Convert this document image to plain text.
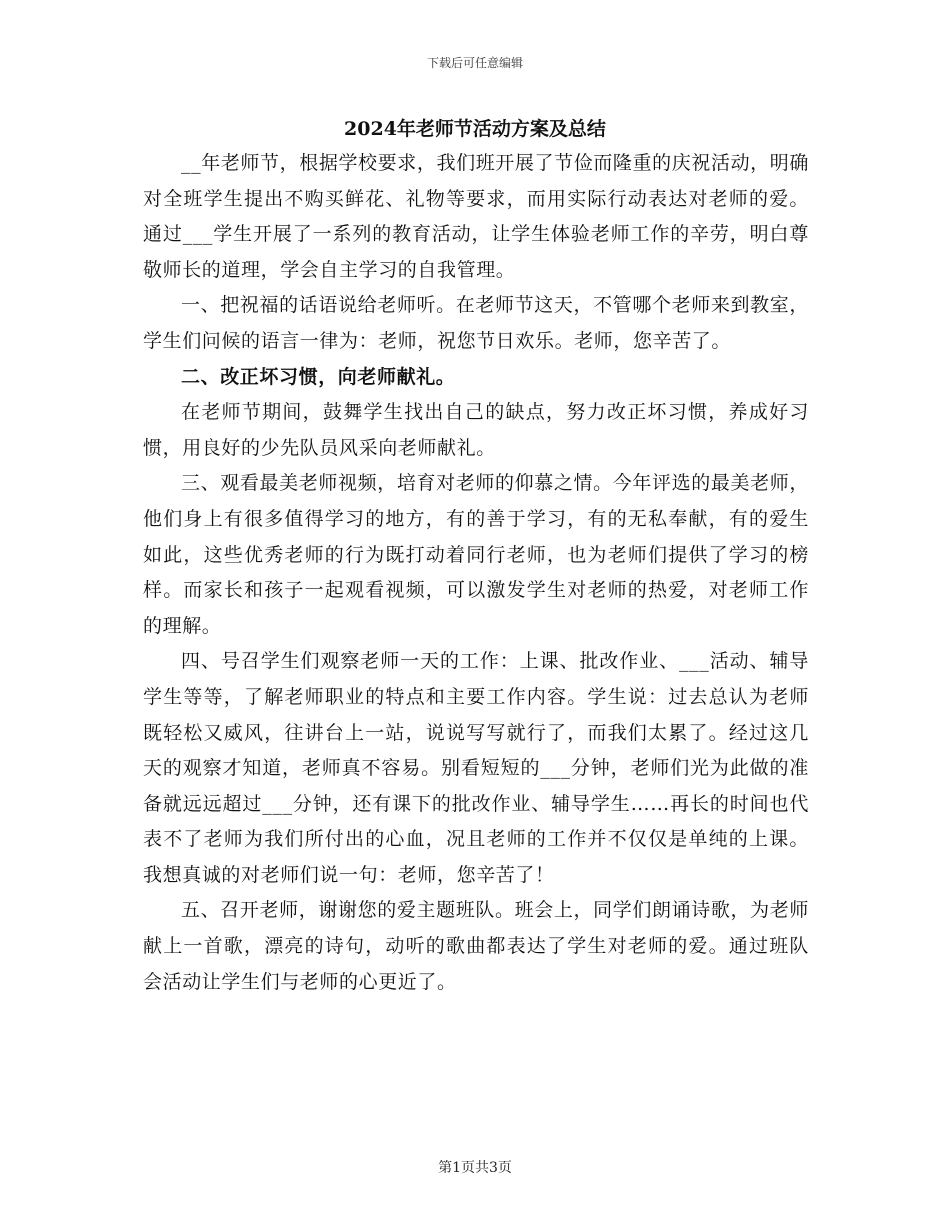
下载后可任意编辑
2024年老师节活动方案及总结

__年老师节，根据学校要求，我们班开展了节俭而隆重的庆祝活动，明确对全班学生提出不购买鲜花、礼物等要求，而用实际行动表达对老师的爱。通过___学生开展了一系列的教育活动，让学生体验老师工作的辛劳，明白尊敬师长的道理，学会自主学习的自我管理。

一、把祝福的话语说给老师听。在老师节这天，不管哪个老师来到教室，学生们问候的语言一律为：老师，祝您节日欢乐。老师，您辛苦了。

二、改正坏习惯，向老师献礼。

在老师节期间，鼓舞学生找出自己的缺点，努力改正坏习惯，养成好习惯，用良好的少先队员风采向老师献礼。

三、观看最美老师视频，培育对老师的仰慕之情。今年评选的最美老师，他们身上有很多值得学习的地方，有的善于学习，有的无私奉献，有的爱生如此，这些优秀老师的行为既打动着同行老师，也为老师们提供了学习的榜样。而家长和孩子一起观看视频，可以激发学生对老师的热爱，对老师工作的理解。

四、号召学生们观察老师一天的工作：上课、批改作业、___活动、辅导学生等等，了解老师职业的特点和主要工作内容。学生说：过去总认为老师既轻松又威风，往讲台上一站，说说写写就行了，而我们太累了。经过这几天的观察才知道，老师真不容易。别看短短的___分钟，老师们光为此做的准备就远远超过___分钟，还有课下的批改作业、辅导学生……再长的时间也代表不了老师为我们所付出的心血，况且老师的工作并不仅仅是单纯的上课。我想真诚的对老师们说一句：老师，您辛苦了！

五、召开老师，谢谢您的爱主题班队。班会上，同学们朗诵诗歌，为老师献上一首歌，漂亮的诗句，动听的歌曲都表达了学生对老师的爱。通过班队会活动让学生们与老师的心更近了。

第1页共3页
